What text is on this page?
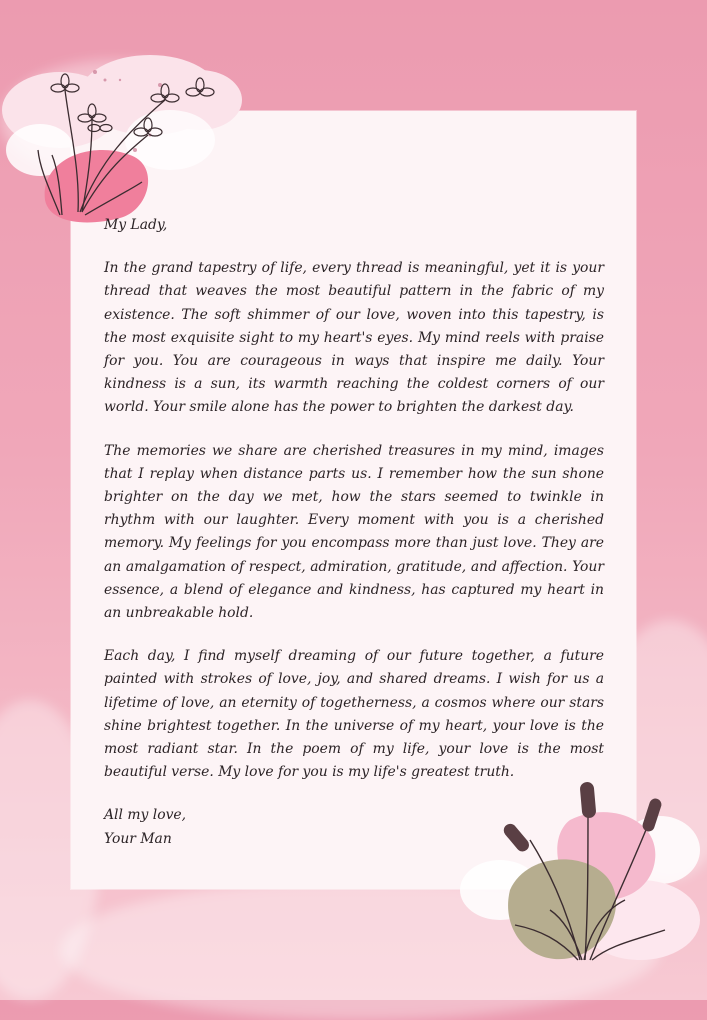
My Lady,

In the grand tapestry of life, every thread is meaningful, yet it is your thread that weaves the most beautiful pattern in the fabric of my existence. The soft shimmer of our love, woven into this tapestry, is the most exquisite sight to my heart's eyes. My mind reels with praise for you. You are courageous in ways that inspire me daily. Your kindness is a sun, its warmth reaching the coldest corners of our world. Your smile alone has the power to brighten the darkest day.

The memories we share are cherished treasures in my mind, images that I replay when distance parts us. I remember how the sun shone brighter on the day we met, how the stars seemed to twinkle in rhythm with our laughter. Every moment with you is a cherished memory. My feelings for you encompass more than just love. They are an amalgamation of respect, admiration, gratitude, and affection. Your essence, a blend of elegance and kindness, has captured my heart in an unbreakable hold.

Each day, I find myself dreaming of our future together, a future painted with strokes of love, joy, and shared dreams. I wish for us a lifetime of love, an eternity of togetherness, a cosmos where our stars shine brightest together. In the universe of my heart, your love is the most radiant star. In the poem of my life, your love is the most beautiful verse. My love for you is my life's greatest truth.

All my love,

Your Man
